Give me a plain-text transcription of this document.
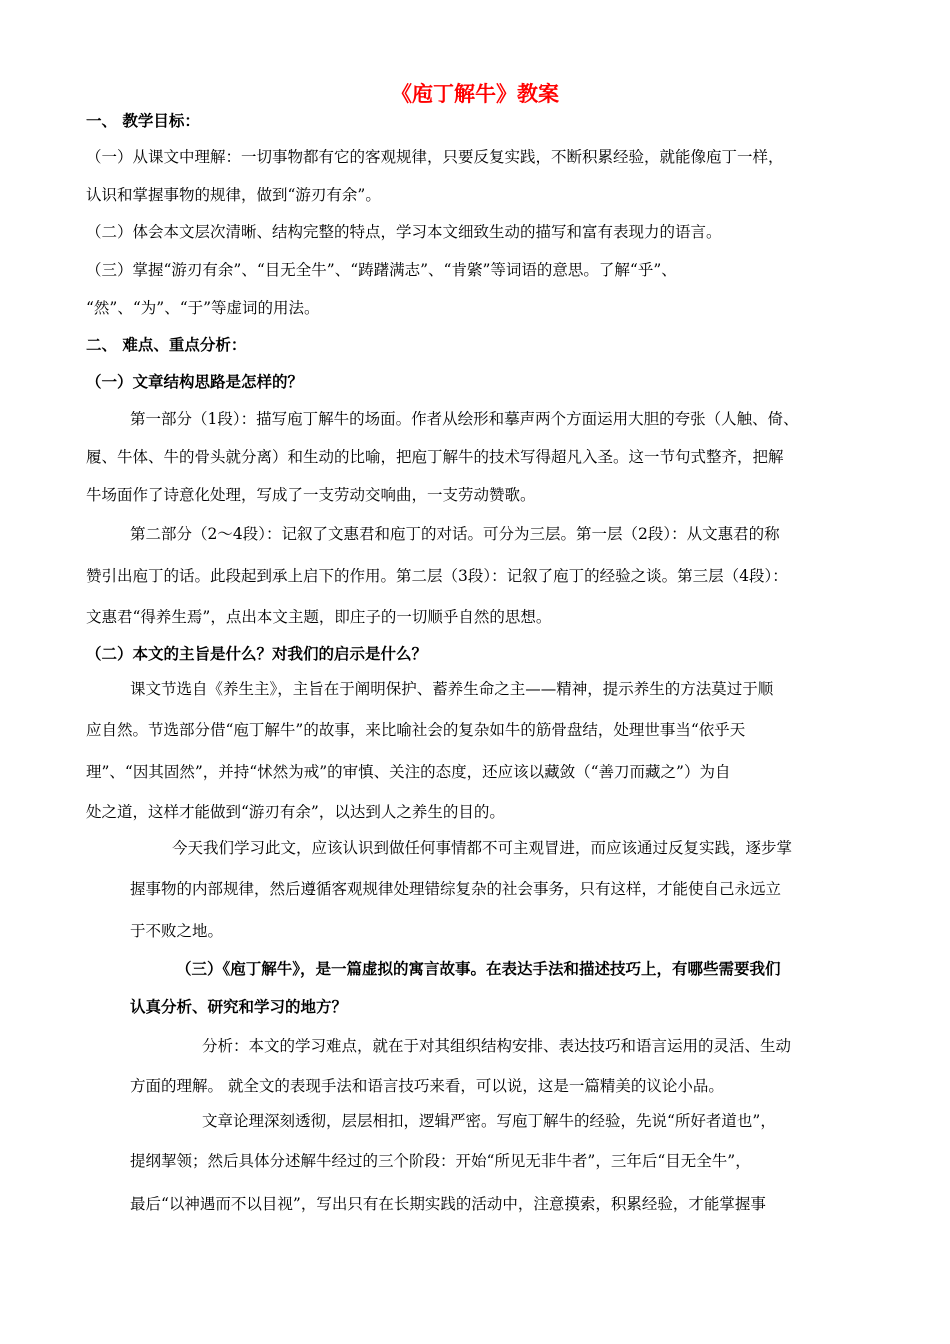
《庖丁解牛》教案
一、 教学目标：
（一）从课文中理解：一切事物都有它的客观规律，只要反复实践，不断积累经验，就能像庖丁一样，
认识和掌握事物的规律，做到“游刃有余”。
（二）体会本文层次清晰、结构完整的特点，学习本文细致生动的描写和富有表现力的语言。
（三）掌握“游刃有余”、“目无全牛”、“踌躇满志”、“肯綮”等词语的意思。了解“乎”、
“然”、“为”、“于”等虚词的用法。
二、 难点、重点分析：
（一）文章结构思路是怎样的？
第一部分（1段）：描写庖丁解牛的场面。作者从绘形和摹声两个方面运用大胆的夸张（人触、倚、
履、牛体、牛的骨头就分离）和生动的比喻，把庖丁解牛的技术写得超凡入圣。这一节句式整齐，把解
牛场面作了诗意化处理，写成了一支劳动交响曲，一支劳动赞歌。
第二部分（2～4段）：记叙了文惠君和庖丁的对话。可分为三层。第一层（2段）：从文惠君的称
赞引出庖丁的话。此段起到承上启下的作用。第二层（3段）：记叙了庖丁的经验之谈。第三层（4段）：
文惠君“得养生焉”，点出本文主题，即庄子的一切顺乎自然的思想。
（二）本文的主旨是什么？对我们的启示是什么？
课文节选自《养生主》，主旨在于阐明保护、蓄养生命之主——精神，提示养生的方法莫过于顺
应自然。节选部分借“庖丁解牛”的故事，来比喻社会的复杂如牛的筋骨盘结，处理世事当“依乎天
理”、“因其固然”，并持“怵然为戒”的审慎、关注的态度，还应该以藏敛（“善刀而藏之”）为自
处之道，这样才能做到“游刃有余”，以达到人之养生的目的。
今天我们学习此文，应该认识到做任何事情都不可主观冒进，而应该通过反复实践，逐步掌
握事物的内部规律，然后遵循客观规律处理错综复杂的社会事务，只有这样，才能使自己永远立
于不败之地。
（三）《庖丁解牛》，是一篇虚拟的寓言故事。在表达手法和描述技巧上，有哪些需要我们
认真分析、研究和学习的地方？
分析：本文的学习难点，就在于对其组织结构安排、表达技巧和语言运用的灵活、生动
方面的理解。 就全文的表现手法和语言技巧来看，可以说，这是一篇精美的议论小品。
文章论理深刻透彻，层层相扣，逻辑严密。写庖丁解牛的经验，先说“所好者道也”，
提纲挈领；然后具体分述解牛经过的三个阶段：开始“所见无非牛者”，三年后“目无全牛”，
最后“以神遇而不以目视”，写出只有在长期实践的活动中，注意摸索，积累经验，才能掌握事
